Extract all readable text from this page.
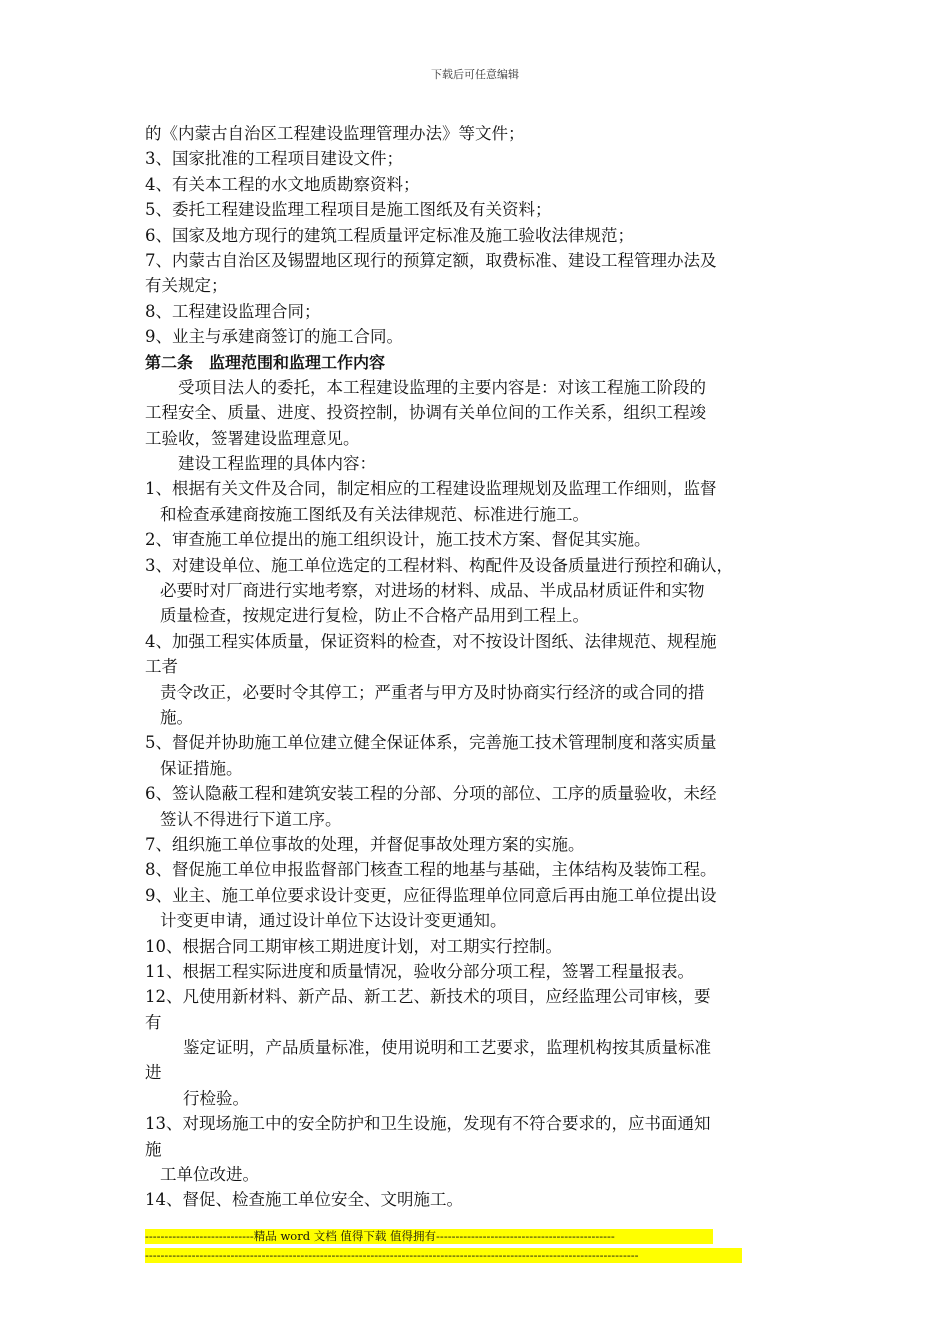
下载后可任意编辑
的《内蒙古自治区工程建设监理管理办法》等文件；
3、国家批准的工程项目建设文件；
4、有关本工程的水文地质勘察资料；
5、委托工程建设监理工程项目是施工图纸及有关资料；
6、国家及地方现行的建筑工程质量评定标准及施工验收法律规范；
7、内蒙古自治区及锡盟地区现行的预算定额，取费标准、建设工程管理办法及
有关规定；
8、工程建设监理合同；
9、业主与承建商签订的施工合同。
第二条　监理范围和监理工作内容
　　受项目法人的委托，本工程建设监理的主要内容是：对该工程施工阶段的
工程安全、质量、进度、投资控制，协调有关单位间的工作关系，组织工程竣
工验收，签署建设监理意见。
　　建设工程监理的具体内容：
1、根据有关文件及合同，制定相应的工程建设监理规划及监理工作细则，监督
和检查承建商按施工图纸及有关法律规范、标准进行施工。
2、审查施工单位提出的施工组织设计，施工技术方案、督促其实施。
3、对建设单位、施工单位选定的工程材料、构配件及设备质量进行预控和确认，
必要时对厂商进行实地考察，对进场的材料、成品、半成品材质证件和实物
质量检查，按规定进行复检，防止不合格产品用到工程上。
4、加强工程实体质量，保证资料的检查，对不按设计图纸、法律规范、规程施
工者
责令改正，必要时令其停工；严重者与甲方及时协商实行经济的或合同的措
施。
5、督促并协助施工单位建立健全保证体系，完善施工技术管理制度和落实质量
保证措施。
6、签认隐蔽工程和建筑安装工程的分部、分项的部位、工序的质量验收，未经
签认不得进行下道工序。
7、组织施工单位事故的处理，并督促事故处理方案的实施。
8、督促施工单位申报监督部门核查工程的地基与基础，主体结构及装饰工程。
9、业主、施工单位要求设计变更，应征得监理单位同意后再由施工单位提出设
计变更申请，通过设计单位下达设计变更通知。
10、根据合同工期审核工期进度计划，对工期实行控制。
11、根据工程实际进度和质量情况，验收分部分项工程，签署工程量报表。
12、凡使用新材料、新产品、新工艺、新技术的项目，应经监理公司审核，要
有
鉴定证明，产品质量标准，使用说明和工艺要求，监理机构按其质量标准
进
行检验。
13、对现场施工中的安全防护和卫生设施，发现有不符合要求的，应书面通知
施
工单位改进。
14、督促、检查施工单位安全、文明施工。
----------------------------精品 word 文档 值得下载 值得拥有----------------------------------------------
-------------------------------------------------------------------------------------------------------------------------------
